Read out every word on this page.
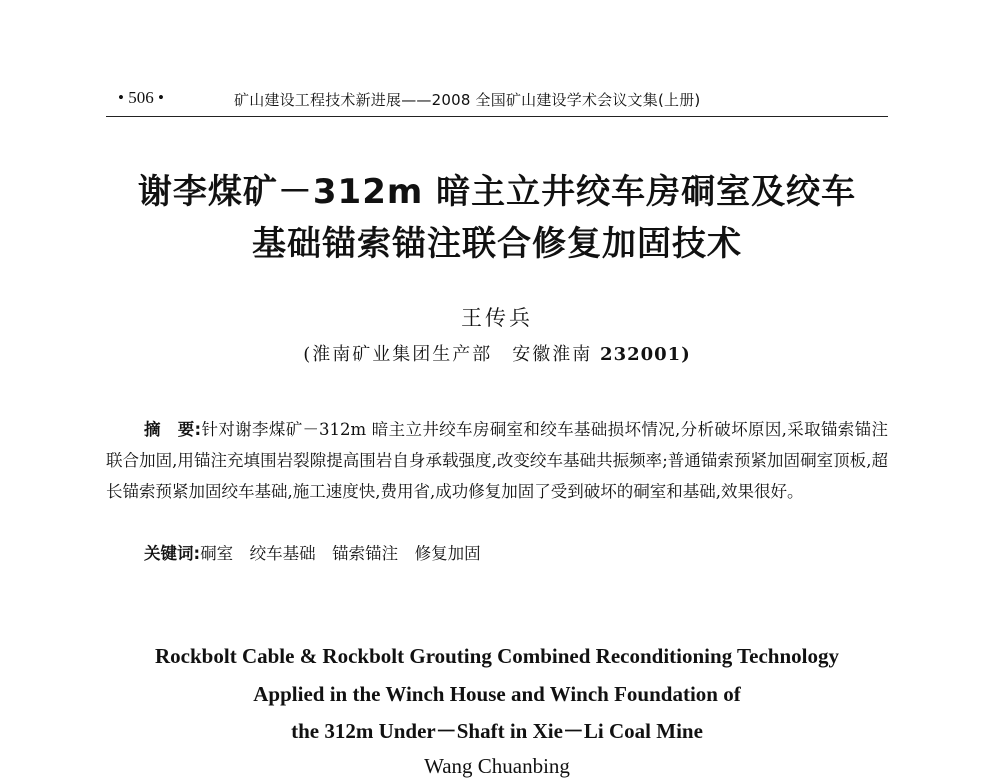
• 506 •	矿山建设工程技术新进展——2008 全国矿山建设学术会议文集(上册)
谢李煤矿－312m 暗主立井绞车房硐室及绞车
基础锚索锚注联合修复加固技术
王传兵
(淮南矿业集团生产部　安徽淮南 232001)

摘　要:针对谢李煤矿－312m 暗主立井绞车房硐室和绞车基础损坏情况,分析破坏原因,采取锚索锚注联合加固,用锚注充填围岩裂隙提高围岩自身承载强度,改变绞车基础共振频率;普通锚索预紧加固硐室顶板,超长锚索预紧加固绞车基础,施工速度快,费用省,成功修复加固了受到破坏的硐室和基础,效果很好。

关键词:硐室　绞车基础　锚索锚注　修复加固
Rockbolt Cable & Rockbolt Grouting Combined Reconditioning Technology
Applied in the Winch House and Winch Foundation of
the 312m Under－Shaft in Xie－Li Coal Mine
Wang Chuanbing
